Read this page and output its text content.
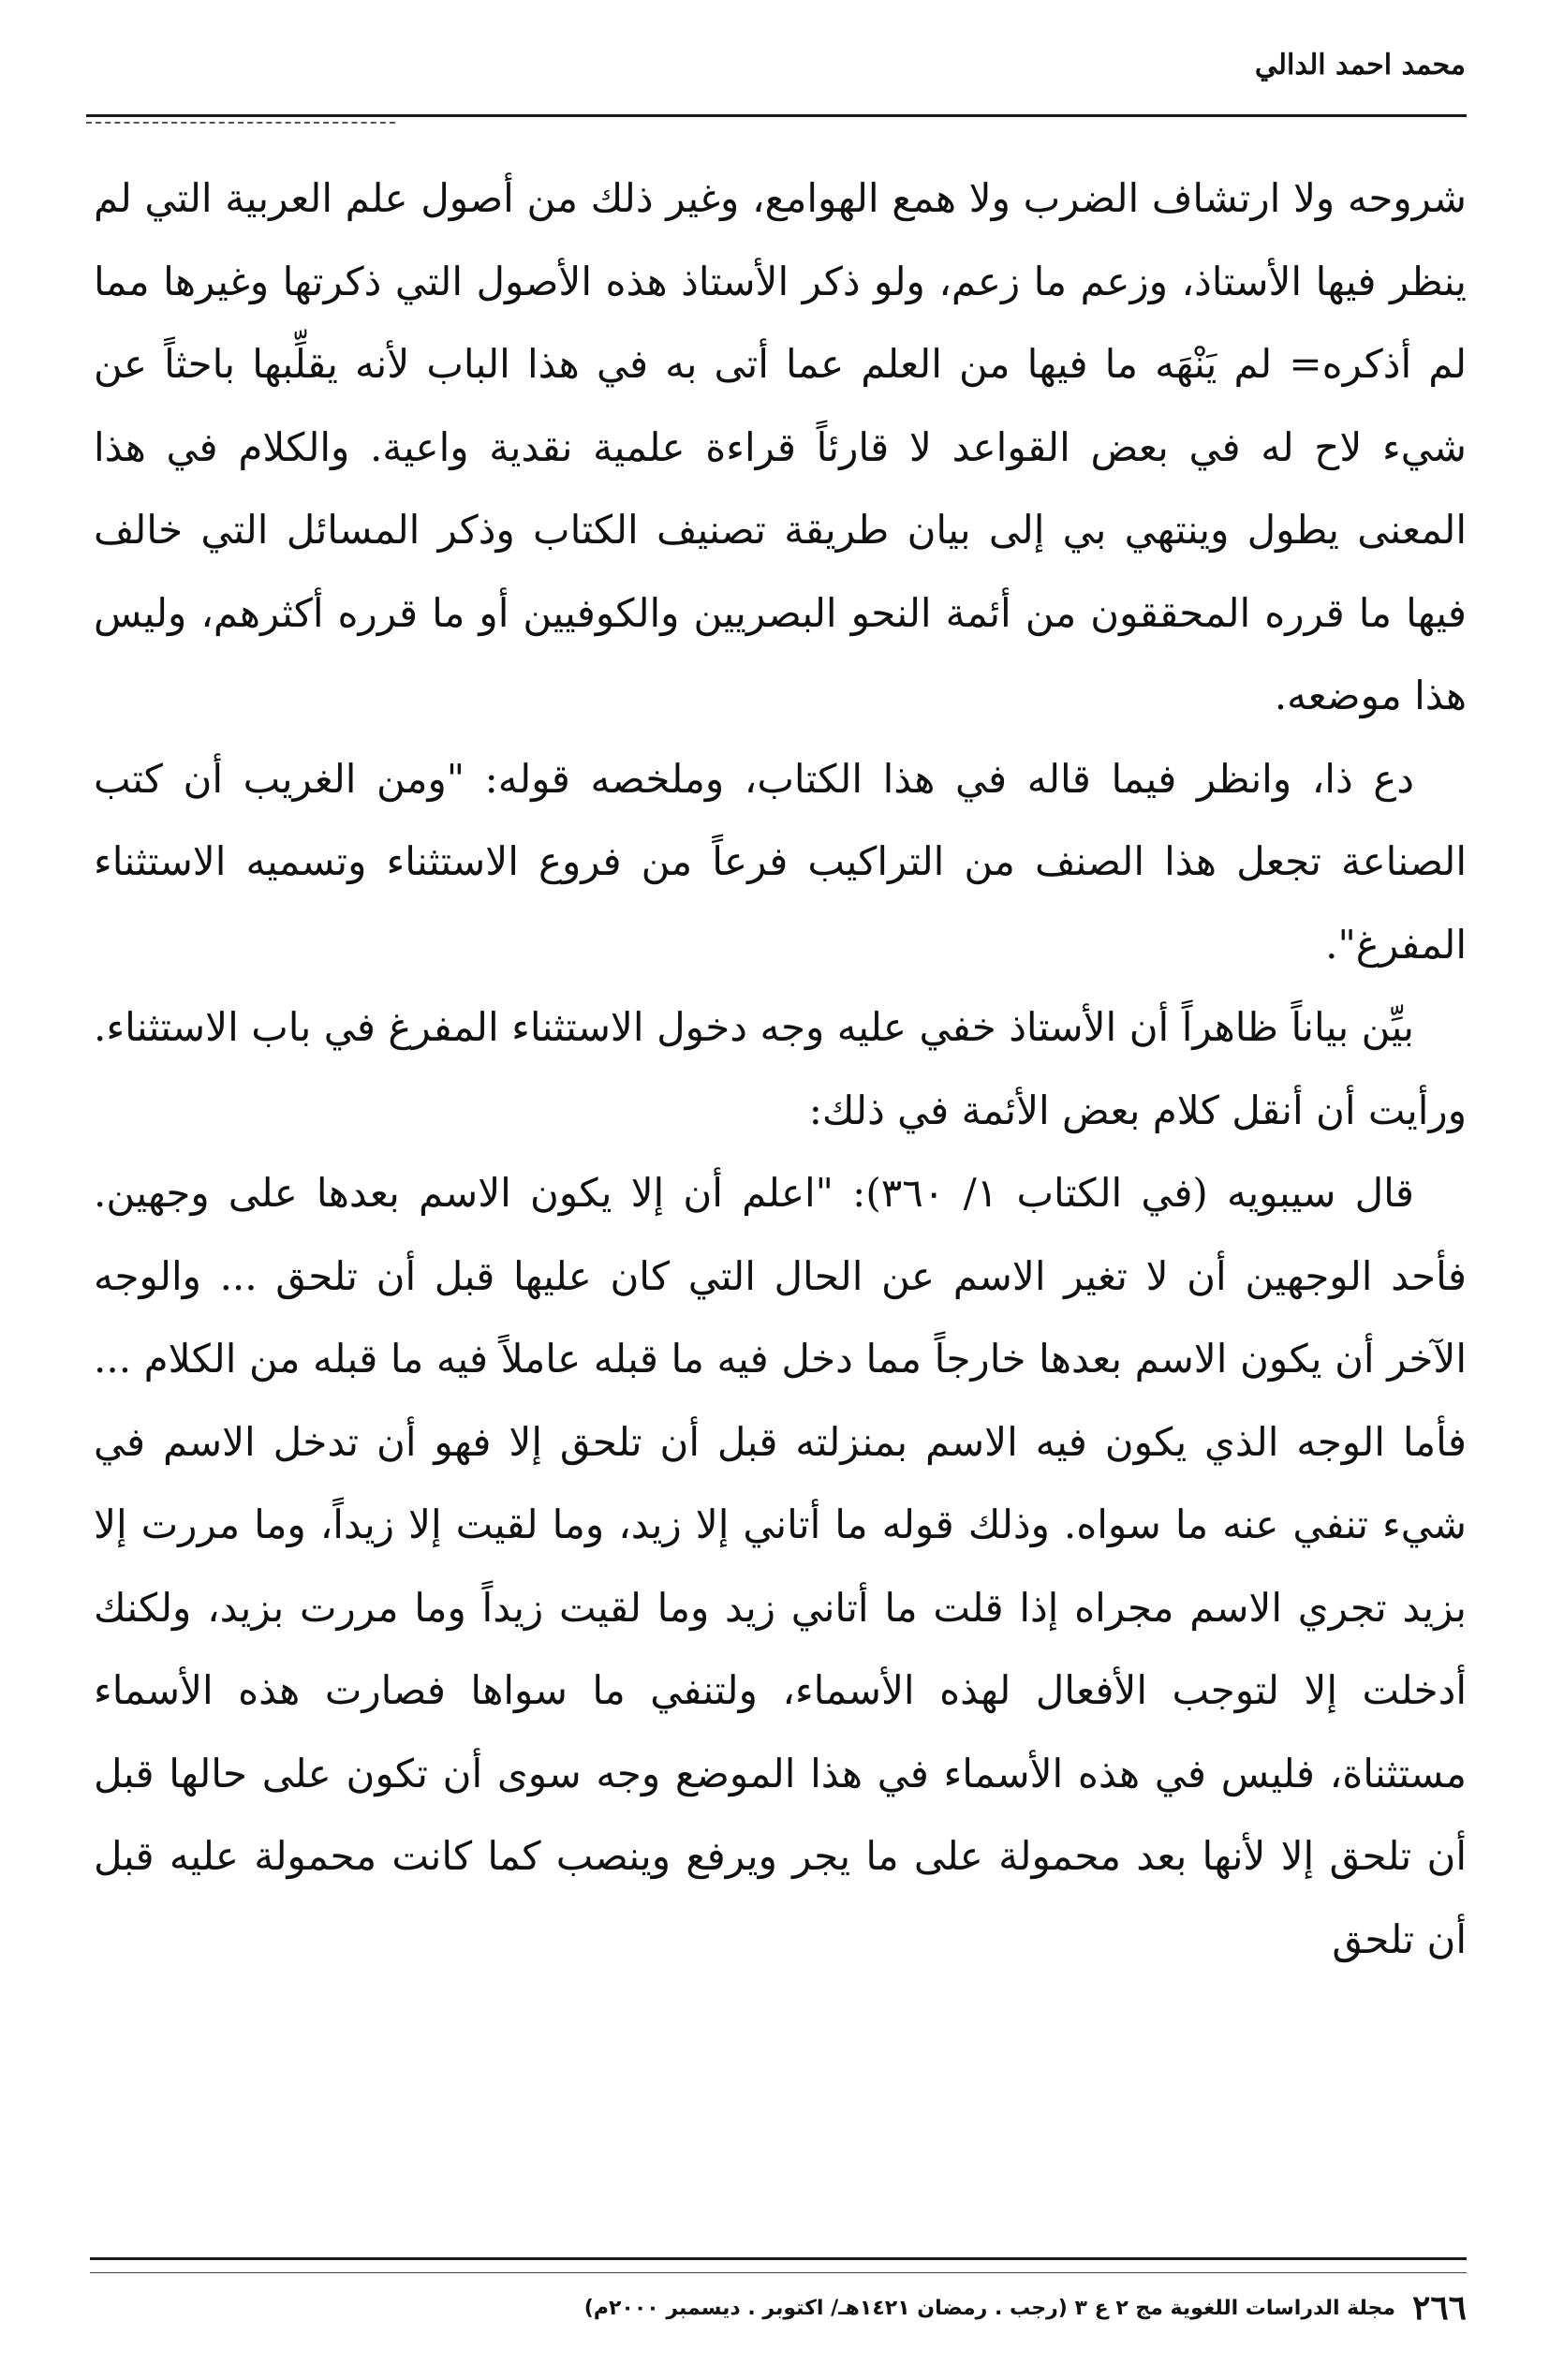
محمد احمد الدالي

شروحه ولا ارتشاف الضرب ولا همع الهوامع، وغير ذلك من أصول علم العربية التي لم ينظر فيها الأستاذ، وزعم ما زعم، ولو ذكر الأستاذ هذه الأصول التي ذكرتها وغيرها مما لم أذكره= لم يَنْهَه ما فيها من العلم عما أتى به في هذا الباب لأنه يقلِّبها باحثاً عن شيء لاح له في بعض القواعد لا قارئاً قراءة علمية نقدية واعية. والكلام في هذا المعنى يطول وينتهي بي إلى بيان طريقة تصنيف الكتاب وذكر المسائل التي خالف فيها ما قرره المحققون من أئمة النحو البصريين والكوفيين أو ما قرره أكثرهم، وليس هذا موضعه.

دع ذا، وانظر فيما قاله في هذا الكتاب، وملخصه قوله: "ومن الغريب أن كتب الصناعة تجعل هذا الصنف من التراكيب فرعاً من فروع الاستثناء وتسميه الاستثناء المفرغ".

بيِّن بياناً ظاهراً أن الأستاذ خفي عليه وجه دخول الاستثناء المفرغ في باب الاستثناء. ورأيت أن أنقل كلام بعض الأئمة في ذلك:

قال سيبويه (في الكتاب ١/ ٣٦٠): "اعلم أن إلا يكون الاسم بعدها على وجهين. فأحد الوجهين أن لا تغير الاسم عن الحال التي كان عليها قبل أن تلحق ... والوجه الآخر أن يكون الاسم بعدها خارجاً مما دخل فيه ما قبله عاملاً فيه ما قبله من الكلام ... فأما الوجه الذي يكون فيه الاسم بمنزلته قبل أن تلحق إلا فهو أن تدخل الاسم في شيء تنفي عنه ما سواه. وذلك قوله ما أتاني إلا زيد، وما لقيت إلا زيداً، وما مررت إلا بزيد تجري الاسم مجراه إذا قلت ما أتاني زيد وما لقيت زيداً وما مررت بزيد، ولكنك أدخلت إلا لتوجب الأفعال لهذه الأسماء، ولتنفي ما سواها فصارت هذه الأسماء مستثناة، فليس في هذه الأسماء في هذا الموضع وجه سوى أن تكون على حالها قبل أن تلحق إلا لأنها بعد محمولة على ما يجر ويرفع وينصب كما كانت محمولة عليه قبل أن تلحق

٢٦٦
مجلة الدراسات اللغوية مج ٢ ع ٣ (رجب . رمضان ١٤٢١هـ/ اكتوبر . ديسمبر ٢٠٠٠م)
